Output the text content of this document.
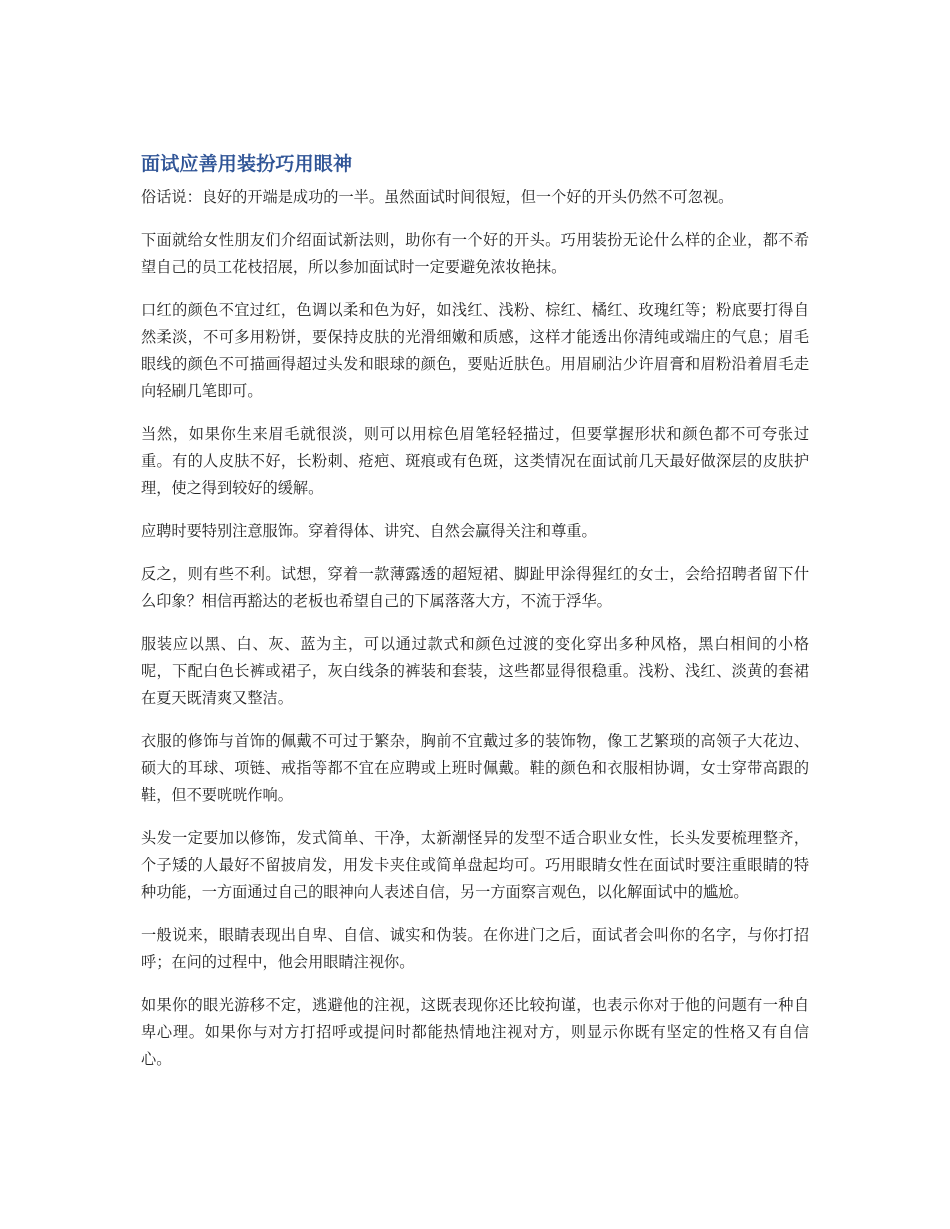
面试应善用装扮巧用眼神

俗话说：良好的开端是成功的一半。虽然面试时间很短，但一个好的开头仍然不可忽视。

下面就给女性朋友们介绍面试新法则，助你有一个好的开头。巧用装扮无论什么样的企业，都不希望自己的员工花枝招展，所以参加面试时一定要避免浓妆艳抹。

口红的颜色不宜过红，色调以柔和色为好，如浅红、浅粉、棕红、橘红、玫瑰红等；粉底要打得自然柔淡，不可多用粉饼，要保持皮肤的光滑细嫩和质感，这样才能透出你清纯或端庄的气息；眉毛眼线的颜色不可描画得超过头发和眼球的颜色，要贴近肤色。用眉刷沾少许眉膏和眉粉沿着眉毛走向轻刷几笔即可。

当然，如果你生来眉毛就很淡，则可以用棕色眉笔轻轻描过，但要掌握形状和颜色都不可夸张过重。有的人皮肤不好，长粉刺、疮疤、斑痕或有色斑，这类情况在面试前几天最好做深层的皮肤护理，使之得到较好的缓解。

应聘时要特别注意服饰。穿着得体、讲究、自然会赢得关注和尊重。

反之，则有些不利。试想，穿着一款薄露透的超短裙、脚趾甲涂得猩红的女士，会给招聘者留下什么印象？相信再豁达的老板也希望自己的下属落落大方，不流于浮华。

服装应以黑、白、灰、蓝为主，可以通过款式和颜色过渡的变化穿出多种风格，黑白相间的小格呢，下配白色长裤或裙子，灰白线条的裤装和套装，这些都显得很稳重。浅粉、浅红、淡黄的套裙在夏天既清爽又整洁。

衣服的修饰与首饰的佩戴不可过于繁杂，胸前不宜戴过多的装饰物，像工艺繁琐的高领子大花边、硕大的耳球、项链、戒指等都不宜在应聘或上班时佩戴。鞋的颜色和衣服相协调，女士穿带高跟的鞋，但不要咣咣作响。

头发一定要加以修饰，发式简单、干净，太新潮怪异的发型不适合职业女性，长头发要梳理整齐，个子矮的人最好不留披肩发，用发卡夹住或简单盘起均可。巧用眼睛女性在面试时要注重眼睛的特种功能，一方面通过自己的眼神向人表述自信，另一方面察言观色，以化解面试中的尴尬。

一般说来，眼睛表现出自卑、自信、诚实和伪装。在你进门之后，面试者会叫你的名字，与你打招呼；在问的过程中，他会用眼睛注视你。

如果你的眼光游移不定，逃避他的注视，这既表现你还比较拘谨，也表示你对于他的问题有一种自卑心理。如果你与对方打招呼或提问时都能热情地注视对方，则显示你既有坚定的性格又有自信心。
